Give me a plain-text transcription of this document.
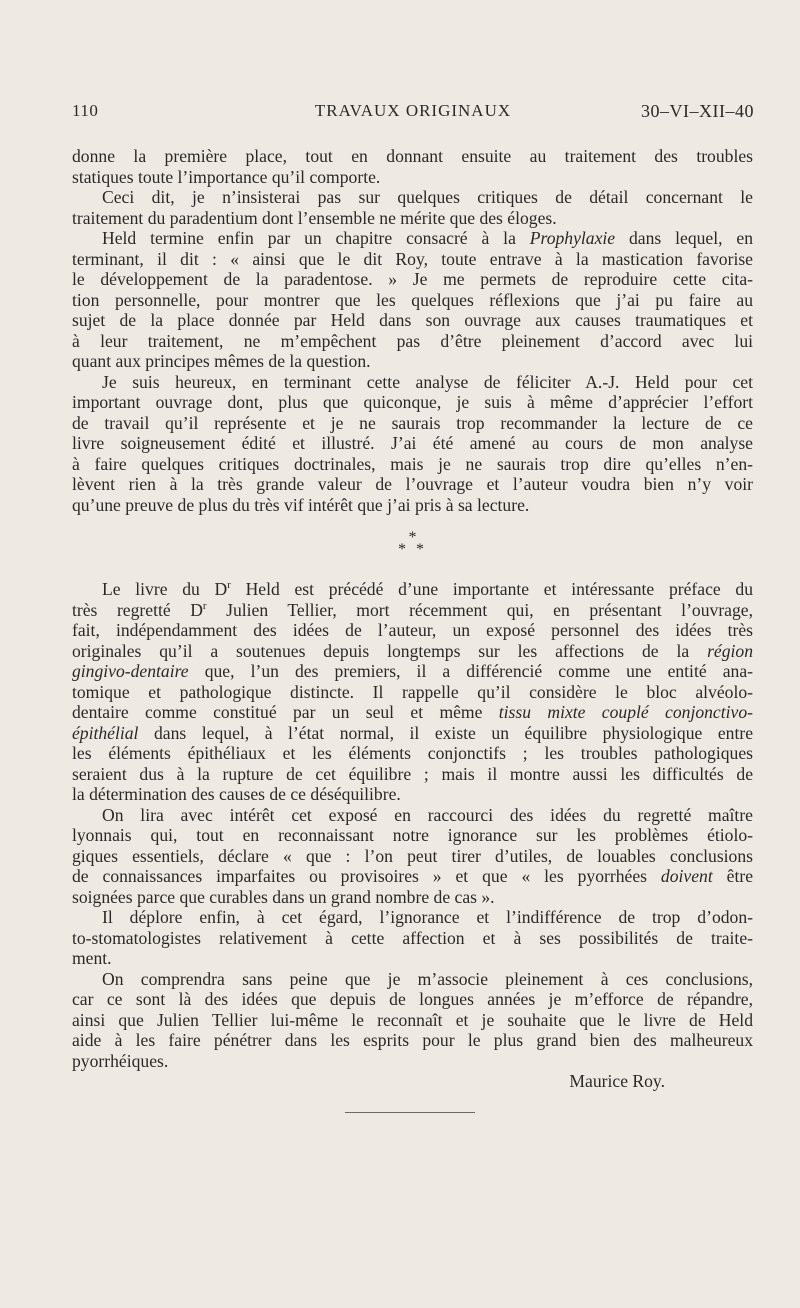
110	TRAVAUX ORIGINAUX	30–VI–XII–40
donne la première place, tout en donnant ensuite au traitement des troubles
statiques toute l’importance qu’il comporte.
Ceci dit, je n’insisterai pas sur quelques critiques de détail concernant le
traitement du paradentium dont l’ensemble ne mérite que des éloges.
Held termine enfin par un chapitre consacré à la Prophylaxie dans lequel, en
terminant, il dit : « ainsi que le dit Roy, toute entrave à la mastication favorise
le développement de la paradentose. » Je me permets de reproduire cette cita-
tion personnelle, pour montrer que les quelques réflexions que j’ai pu faire au
sujet de la place donnée par Held dans son ouvrage aux causes traumatiques et
à leur traitement, ne m’empêchent pas d’être pleinement d’accord avec lui
quant aux principes mêmes de la question.
Je suis heureux, en terminant cette analyse de féliciter A.-J. Held pour cet
important ouvrage dont, plus que quiconque, je suis à même d’apprécier l’effort
de travail qu’il représente et je ne saurais trop recommander la lecture de ce
livre soigneusement édité et illustré. J’ai été amené au cours de mon analyse
à faire quelques critiques doctrinales, mais je ne saurais trop dire qu’elles n’en-
lèvent rien à la très grande valeur de l’ouvrage et l’auteur voudra bien n’y voir
qu’une preuve de plus du très vif intérêt que j’ai pris à sa lecture.
*
* *
Le livre du $D^r$ Held est précédé d’une importante et intéressante préface du
très regretté $D^r$ Julien Tellier, mort récemment qui, en présentant l’ouvrage,
fait, indépendamment des idées de l’auteur, un exposé personnel des idées très
originales qu’il a soutenues depuis longtemps sur les affections de la région
gingivo-dentaire que, l’un des premiers, il a différencié comme une entité ana-
tomique et pathologique distincte. Il rappelle qu’il considère le bloc alvéolo-
dentaire comme constitué par un seul et même tissu mixte couplé conjonctivo-
épithélial dans lequel, à l’état normal, il existe un équilibre physiologique entre
les éléments épithéliaux et les éléments conjonctifs ; les troubles pathologiques
seraient dus à la rupture de cet équilibre ; mais il montre aussi les difficultés de
la détermination des causes de ce déséquilibre.
On lira avec intérêt cet exposé en raccourci des idées du regretté maître
lyonnais qui, tout en reconnaissant notre ignorance sur les problèmes étiolo-
giques essentiels, déclare « que : l’on peut tirer d’utiles, de louables conclusions
de connaissances imparfaites ou provisoires » et que « les pyorrhées doivent être
soignées parce que curables dans un grand nombre de cas ».
Il déplore enfin, à cet égard, l’ignorance et l’indifférence de trop d’odon-
to-stomatologistes relativement à cette affection et à ses possibilités de traite-
ment.
On comprendra sans peine que je m’associe pleinement à ces conclusions,
car ce sont là des idées que depuis de longues années je m’efforce de répandre,
ainsi que Julien Tellier lui-même le reconnaît et je souhaite que le livre de Held
aide à les faire pénétrer dans les esprits pour le plus grand bien des malheureux
pyorrhéiques.
Maurice Roy.
